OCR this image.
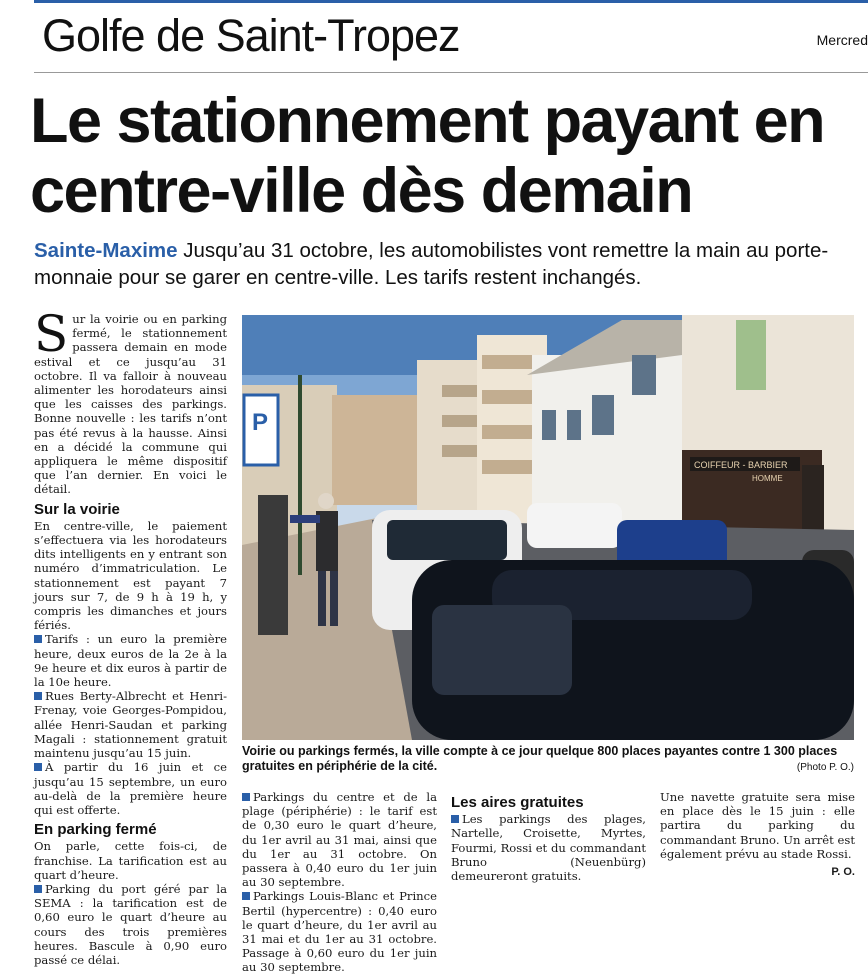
Golfe de Saint-Tropez	Mercred
Le stationnement payant en centre-ville dès demain

Sainte-Maxime Jusqu’au 31 octobre, les automobilistes vont remettre la main au porte-monnaie pour se garer en centre-ville. Les tarifs restent inchangés.

Sur la voirie ou en parking fermé, le stationnement passera demain en mode estival et ce jusqu’au 31 octobre. Il va falloir à nouveau alimenter les horodateurs ainsi que les caisses des parkings. Bonne nouvelle : les tarifs n’ont pas été revus à la hausse. Ainsi en a décidé la commune qui appliquera le même dispositif que l’an dernier. En voici le détail.

Sur la voirie

En centre-ville, le paiement s’effectuera via les horodateurs dits intelligents en y entrant son numéro d’immatriculation. Le stationnement est payant 7 jours sur 7, de 9 h à 19 h, y compris les dimanches et jours fériés.

Tarifs : un euro la première heure, deux euros de la 2e à la 9e heure et dix euros à partir de la 10e heure.

Rues Berty-Albrecht et Henri-Frenay, voie Georges-Pompidou, allée Henri-Saudan et parking Magali : stationnement gratuit maintenu jusqu’au 15 juin.

À partir du 16 juin et ce jusqu’au 15 septembre, un euro au-delà de la première heure qui est offerte.

En parking fermé

On parle, cette fois-ci, de franchise. La tarification est au quart d’heure.

Parking du port géré par la SEMA : la tarification est de 0,60 euro le quart d’heure au cours des trois premières heures. Bascule à 0,90 euro passé ce délai.

COIFFEUR - BARBIER
HOMME
P
Voirie ou parkings fermés, la ville compte à ce jour quelque 800 places payantes contre 1 300 places gratuites en périphérie de la cité.	(Photo P. O.)

Parkings du centre et de la plage (périphérie) : le tarif est de 0,30 euro le quart d’heure, du 1er avril au 31 mai, ainsi que du 1er au 31 octobre. On passera à 0,40 euro du 1er juin au 30 septembre.

Parkings Louis-Blanc et Prince Bertil (hypercentre) : 0,40 euro le quart d’heure, du 1er avril au 31 mai et du 1er au 31 octobre. Passage à 0,60 euro du 1er juin au 30 septembre.

Les aires gratuites

Les parkings des plages, Nartelle, Croisette, Myrtes, Fourmi, Rossi et du commandant Bruno (Neuenbürg) demeureront gratuits.

Une navette gratuite sera mise en place dès le 15 juin : elle partira du parking du commandant Bruno. Un arrêt est également prévu au stade Rossi.

P. O.
